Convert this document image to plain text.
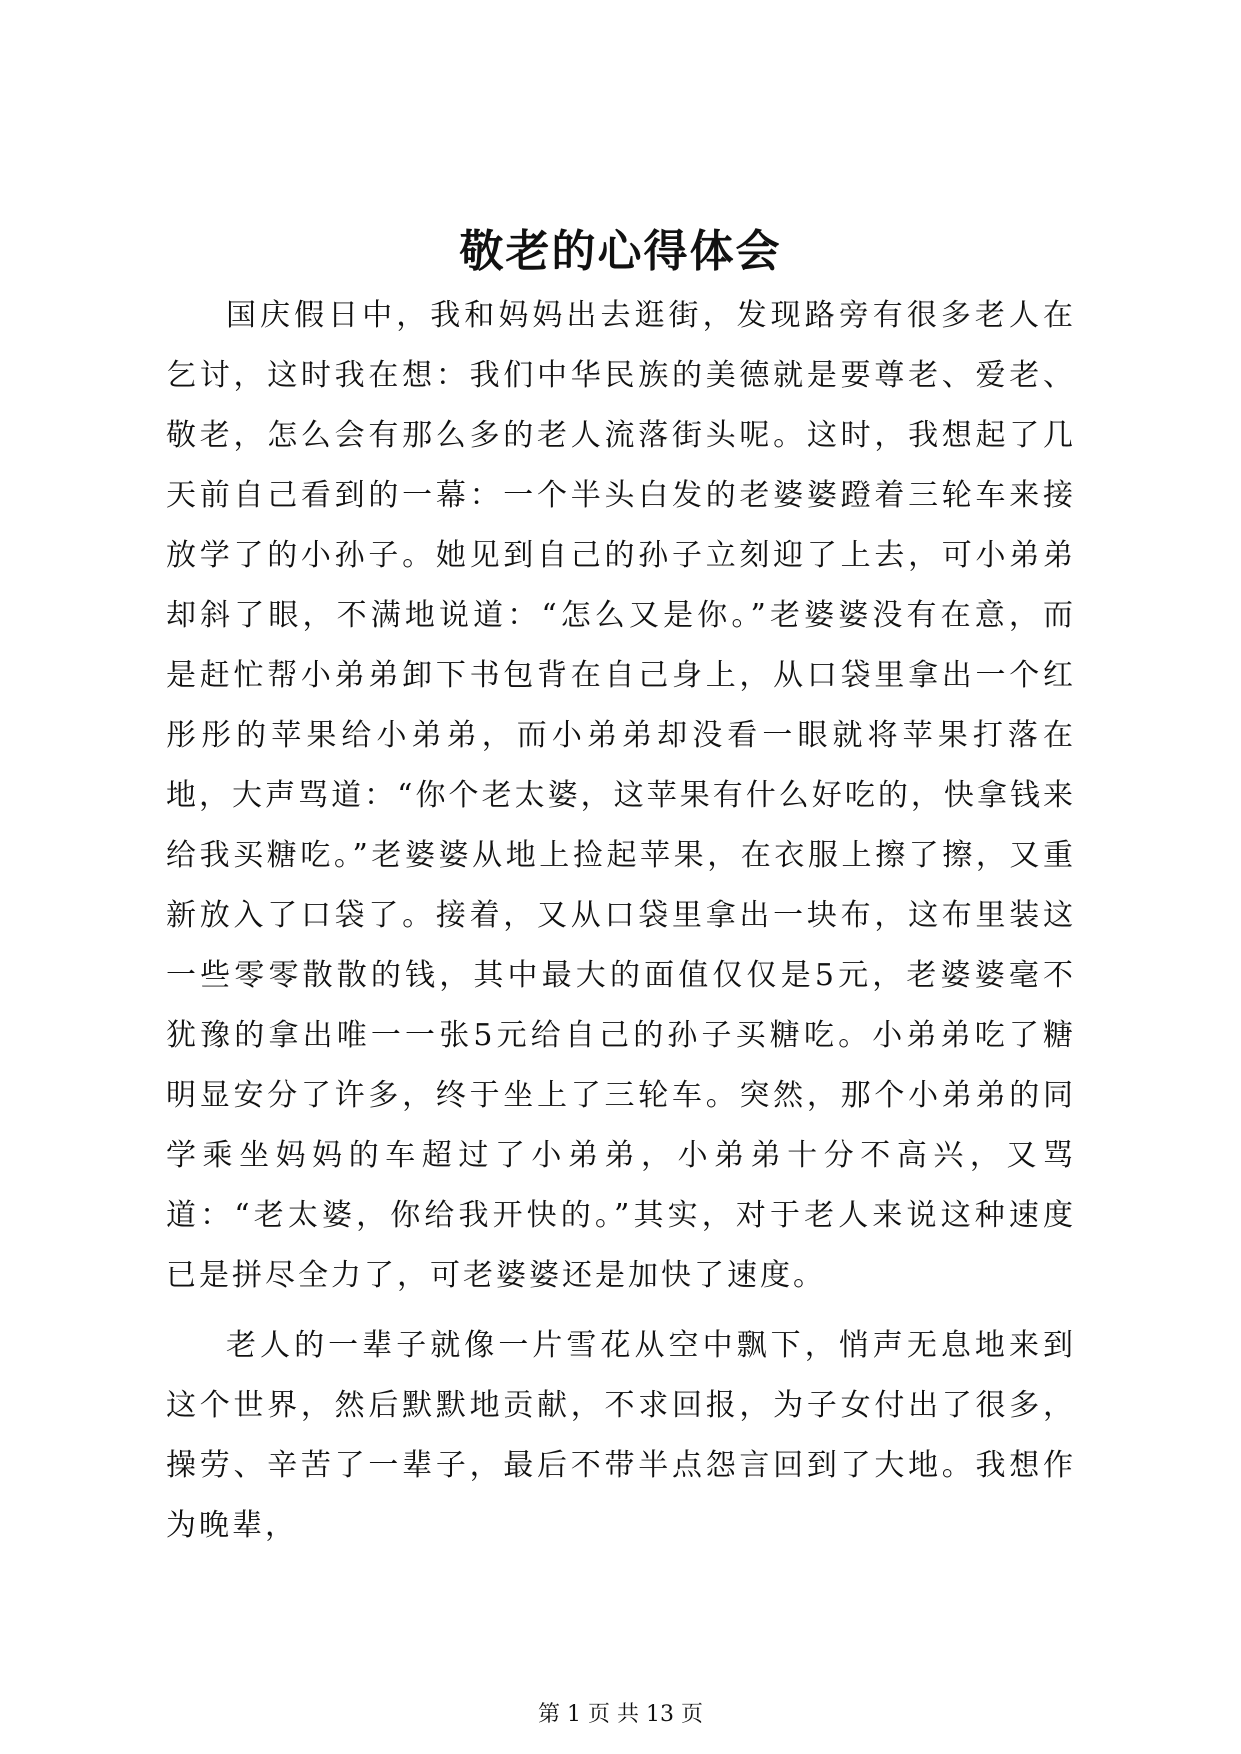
敬老的心得体会

国庆假日中，我和妈妈出去逛街，发现路旁有很多老人在乞讨，这时我在想：我们中华民族的美德就是要尊老、爱老、敬老，怎么会有那么多的老人流落街头呢。这时，我想起了几天前自己看到的一幕：一个半头白发的老婆婆蹬着三轮车来接放学了的小孙子。她见到自己的孙子立刻迎了上去，可小弟弟却斜了眼，不满地说道：“怎么又是你。”老婆婆没有在意，而是赶忙帮小弟弟卸下书包背在自己身上，从口袋里拿出一个红彤彤的苹果给小弟弟，而小弟弟却没看一眼就将苹果打落在地，大声骂道：“你个老太婆，这苹果有什么好吃的，快拿钱来给我买糖吃。”老婆婆从地上捡起苹果，在衣服上擦了擦，又重新放入了口袋了。接着，又从口袋里拿出一块布，这布里装这一些零零散散的钱，其中最大的面值仅仅是5元，老婆婆毫不犹豫的拿出唯一一张5元给自己的孙子买糖吃。小弟弟吃了糖明显安分了许多，终于坐上了三轮车。突然，那个小弟弟的同学乘坐妈妈的车超过了小弟弟，小弟弟十分不高兴，又骂道：“老太婆，你给我开快的。”其实，对于老人来说这种速度已是拼尽全力了，可老婆婆还是加快了速度。

老人的一辈子就像一片雪花从空中飘下，悄声无息地来到这个世界，然后默默地贡献，不求回报，为子女付出了很多，操劳、辛苦了一辈子，最后不带半点怨言回到了大地。我想作为晚辈，

第 1 页 共 13 页
